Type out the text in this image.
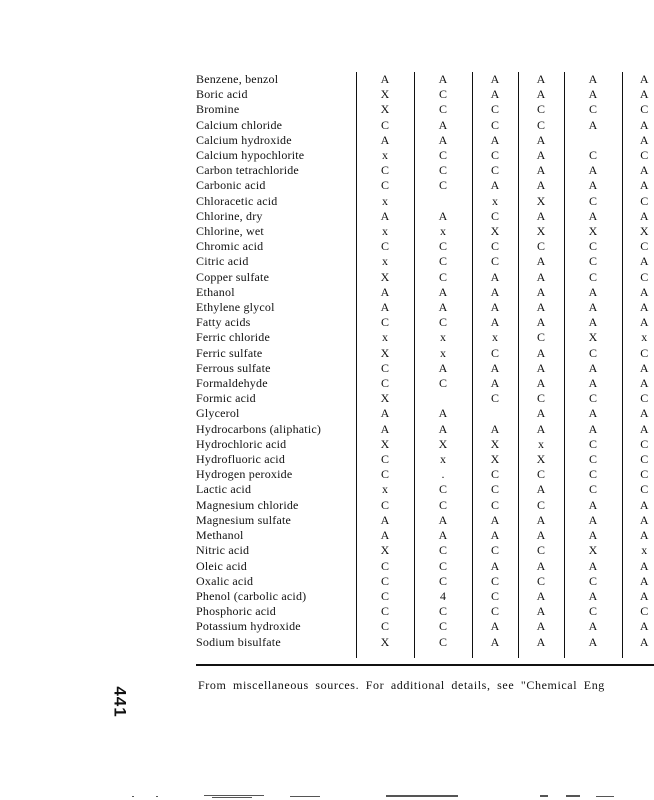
Benzene, benzol	A	A	A	A	A	A
Boric acid	X	C	A	A	A	A
Bromine	X	C	C	C	C	C
Calcium chloride	C	A	C	C	A	A
Calcium hydroxide	A	A	A	A		A
Calcium hypochlorite	x	C	C	A	C	C
Carbon tetrachloride	C	C	C	A	A	A
Carbonic acid	C	C	A	A	A	A
Chloracetic acid	x		x	X	C	C
Chlorine, dry	A	A	C	A	A	A
Chlorine, wet	x	x	X	X	X	X
Chromic acid	C	C	C	C	C	C
Citric acid	x	C	C	A	C	A
Copper sulfate	X	C	A	A	C	C
Ethanol	A	A	A	A	A	A
Ethylene glycol	A	A	A	A	A	A
Fatty acids	C	C	A	A	A	A
Ferric chloride	x	x	x	C	X	x
Ferric sulfate	X	x	C	A	C	C
Ferrous sulfate	C	A	A	A	A	A
Formaldehyde	C	C	A	A	A	A
Formic acid	X		C	C	C	C
Glycerol	A	A		A	A	A
Hydrocarbons (aliphatic)	A	A	A	A	A	A
Hydrochloric acid	X	X	X	x	C	C
Hydrofluoric acid	C	x	X	X	C	C
Hydrogen peroxide	C	.	C	C	C	C
Lactic acid	x	C	C	A	C	C
Magnesium chloride	C	C	C	C	A	A
Magnesium sulfate	A	A	A	A	A	A
Methanol	A	A	A	A	A	A
Nitric acid	X	C	C	C	X	x
Oleic acid	C	C	A	A	A	A
Oxalic acid	C	C	C	C	C	A
Phenol (carbolic acid)	C	4	C	A	A	A
Phosphoric acid	C	C	C	A	C	C
Potassium hydroxide	C	C	A	A	A	A
Sodium bisulfate	X	C	A	A	A	A
From miscellaneous sources. For additional details, see "Chemical Eng
441
